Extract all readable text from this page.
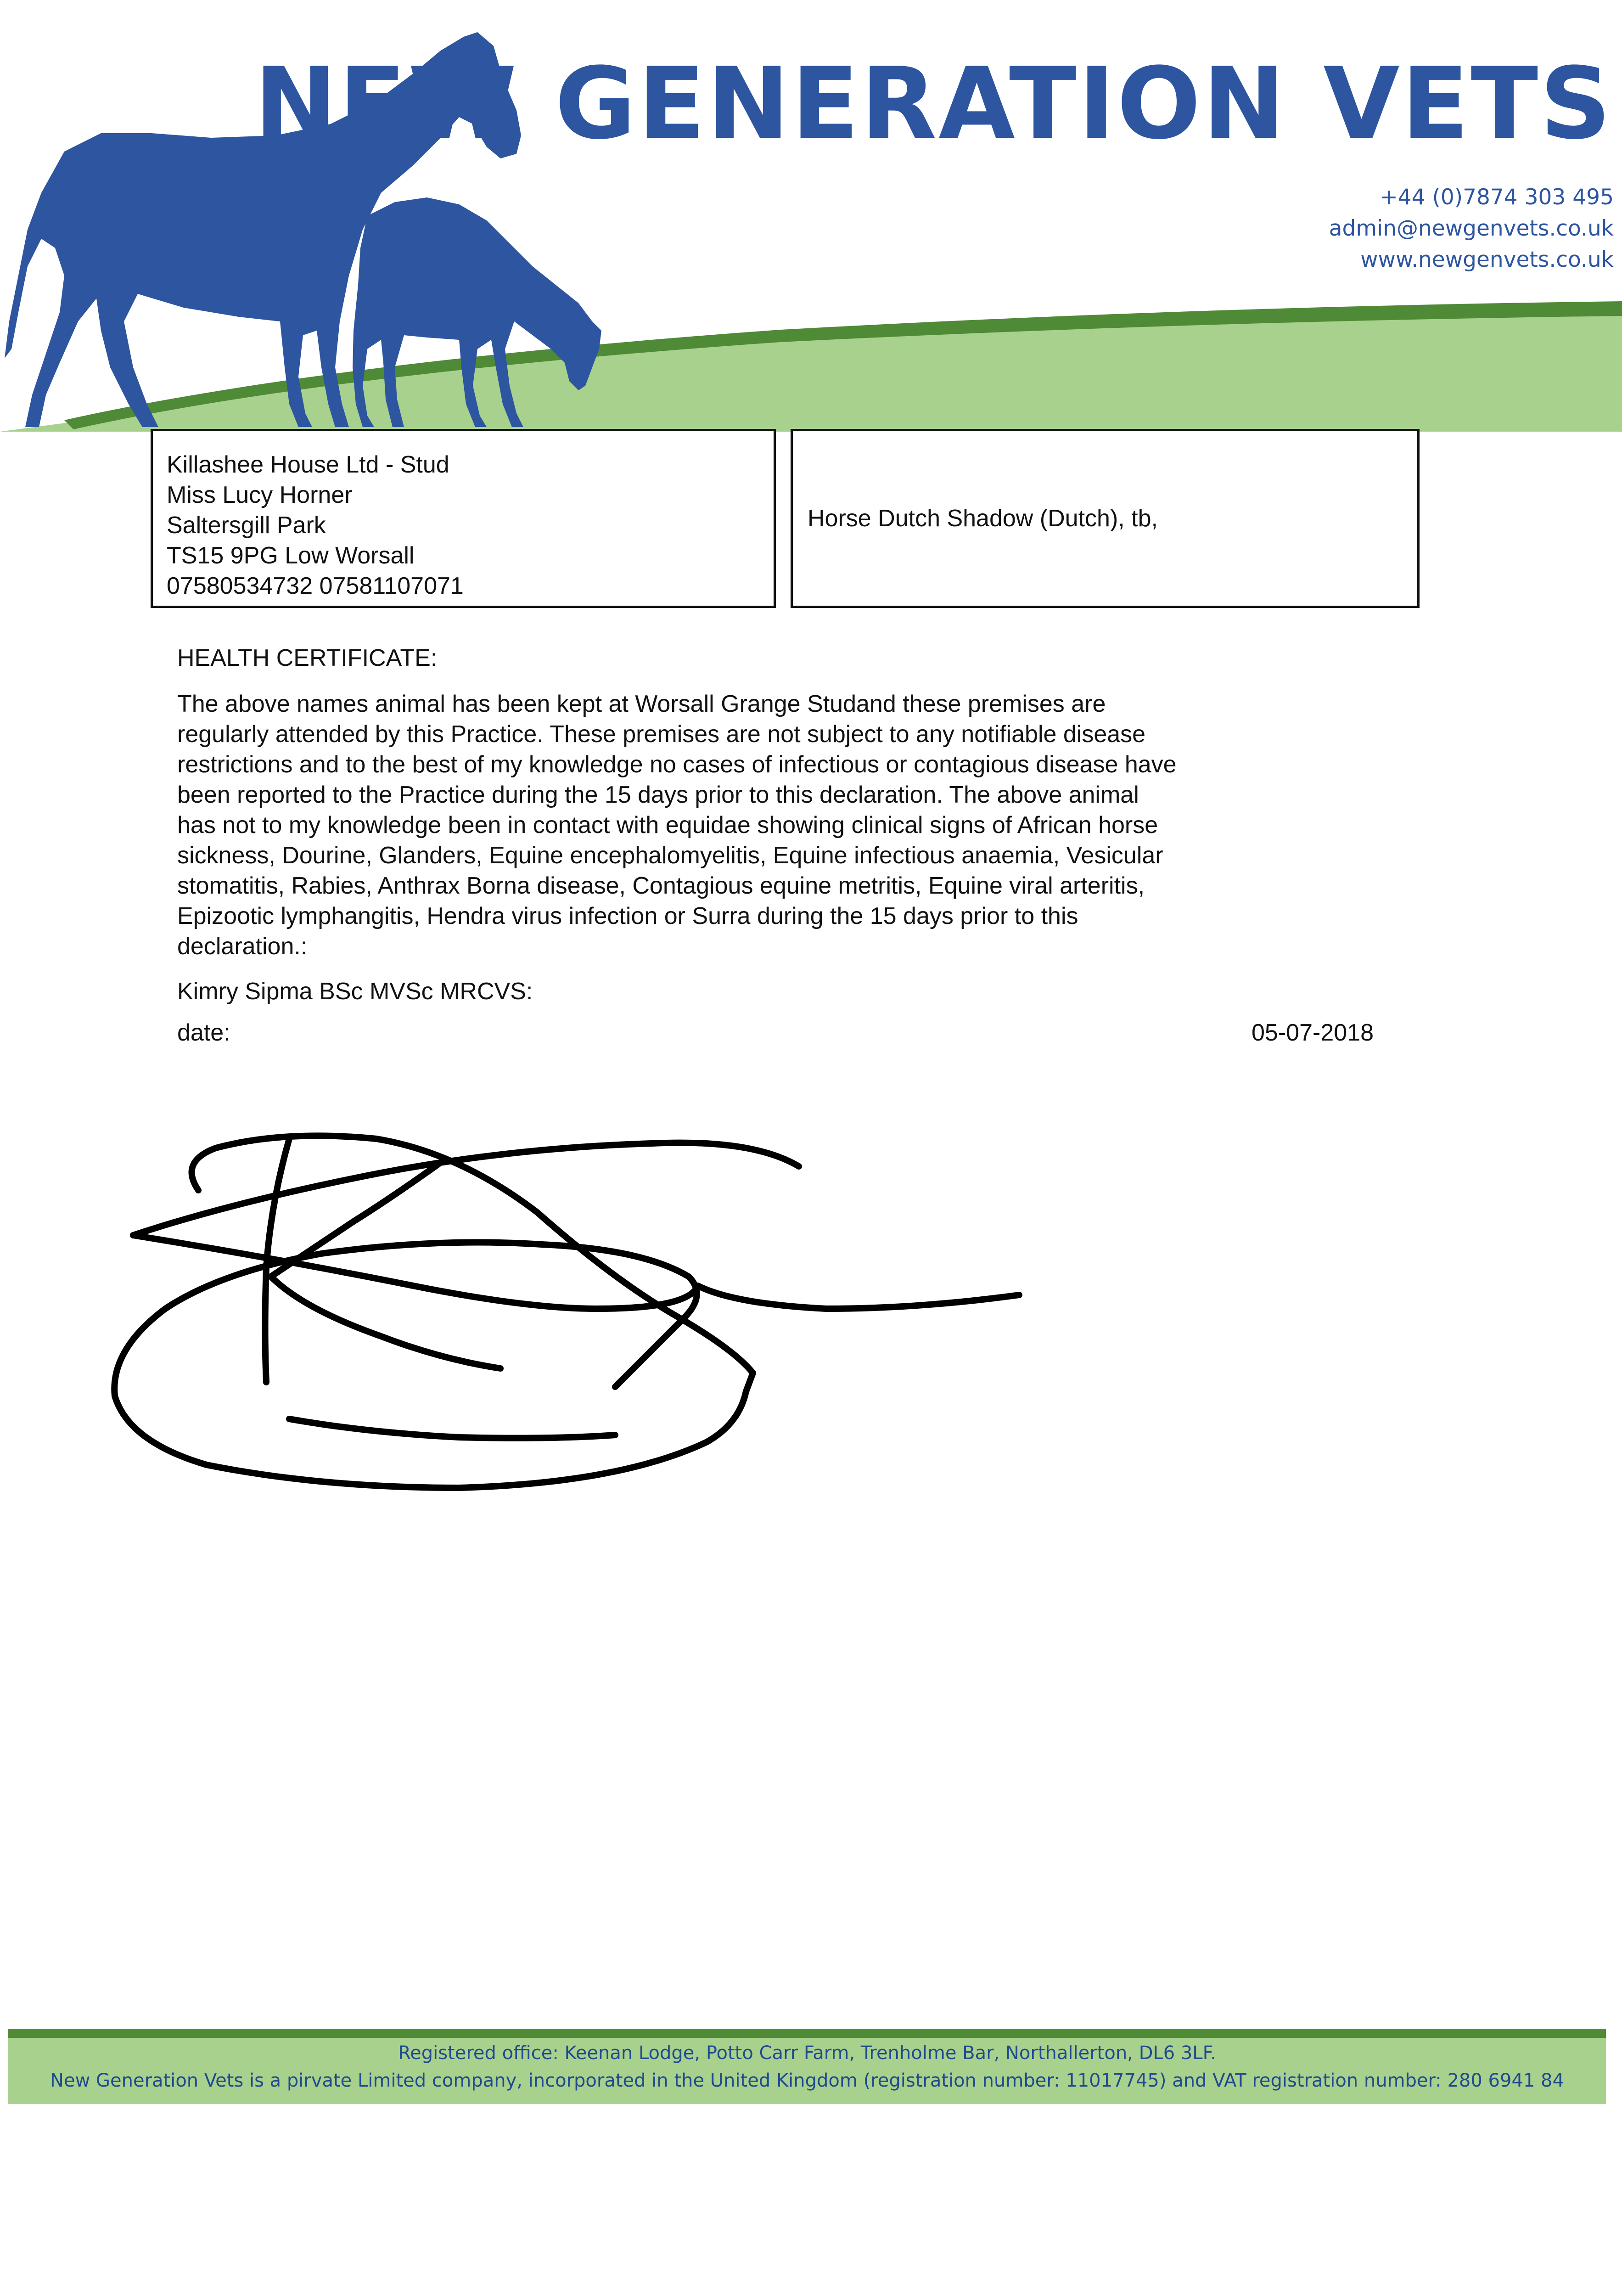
NEW GENERATION VETS
+44 (0)7874 303 495
admin@newgenvets.co.uk
www.newgenvets.co.uk
Killashee House Ltd - Stud
Miss Lucy Horner
Saltersgill Park
TS15 9PG Low Worsall
07580534732 07581107071
Horse Dutch Shadow (Dutch), tb,
HEALTH CERTIFICATE:
The above names animal has been kept at Worsall Grange Studand these premises are
regularly attended by this Practice. These premises are not subject to any notifiable disease
restrictions and to the best of my knowledge no cases of infectious or contagious disease have
been reported to the Practice during the 15 days prior to this declaration. The above animal
has not to my knowledge been in contact with equidae showing clinical signs of African horse
sickness, Dourine, Glanders, Equine encephalomyelitis, Equine infectious anaemia, Vesicular
stomatitis, Rabies, Anthrax Borna disease, Contagious equine metritis, Equine viral arteritis,
Epizootic lymphangitis, Hendra virus infection or Surra during the 15 days prior to this
declaration.:
Kimry Sipma BSc MVSc MRCVS:
date:	05-07-2018
Registered office: Keenan Lodge, Potto Carr Farm, Trenholme Bar, Northallerton, DL6 3LF.
New Generation Vets is a pirvate Limited company, incorporated in the United Kingdom (registration number: 11017745) and VAT registration number: 280 6941 84
